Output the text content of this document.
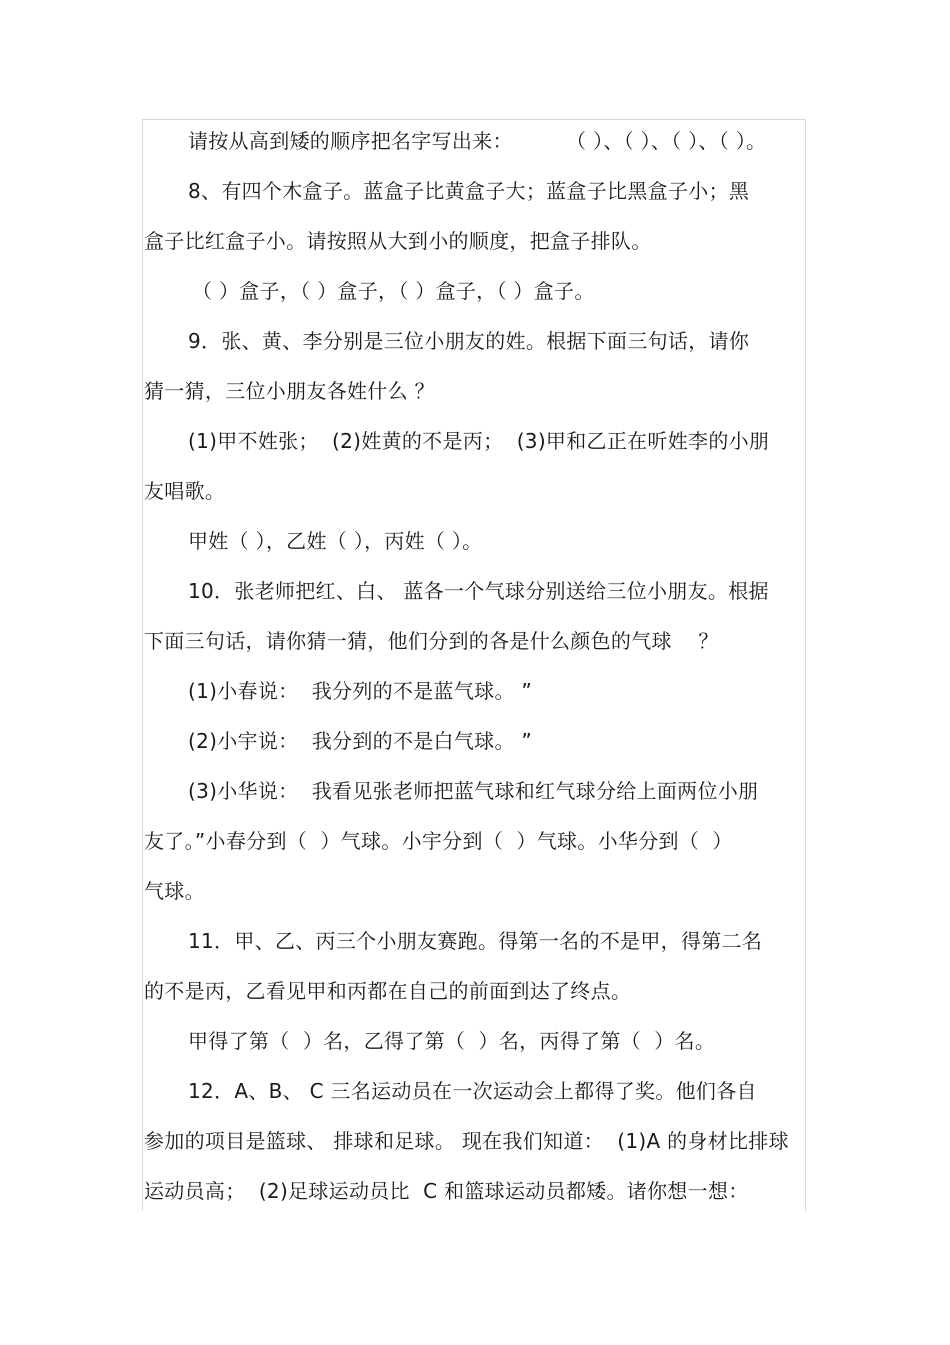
请按从高到矮的顺序把名字写出来：        （ ）、（ ）、（ ）、（ ）。
8、有四个木盒子。蓝盒子比黄盒子大；蓝盒子比黑盒子小；黑
盒子比红盒子小。请按照从大到小的顺度，把盒子排队。
（ ）盒子，（ ）盒子，（ ）盒子，（ ）盒子。
9．张、黄、李分别是三位小朋友的姓。根据下面三句话，请你
猜一猜，三位小朋友各姓什么 ？
(1)甲不姓张；  (2)姓黄的不是丙；  (3)甲和乙正在听姓李的小朋
友唱歌。
甲姓（ ），乙姓（ ），丙姓（ ）。
10．张老师把红、白、 蓝各一个气球分别送给三位小朋友。根据
下面三句话，请你猜一猜，他们分到的各是什么颜色的气球    ？
(1)小春说：  我分列的不是蓝气球。 ”
(2)小宇说：  我分到的不是白气球。 ”
(3)小华说：  我看见张老师把蓝气球和红气球分给上面两位小朋
友了。”小春分到（  ）气球。小宇分到（  ）气球。小华分到（  ）
气球。
11．甲、乙、丙三个小朋友赛跑。得第一名的不是甲，得第二名
的不是丙，乙看见甲和丙都在自己的前面到达了终点。
甲得了第（  ）名，乙得了第（  ）名，丙得了第（  ）名。
12．A、B、 C 三名运动员在一次运动会上都得了奖。他们各自
参加的项目是篮球、 排球和足球。 现在我们知道：  (1)A 的身材比排球
运动员高；  (2)足球运动员比  C 和篮球运动员都矮。诸你想一想：
